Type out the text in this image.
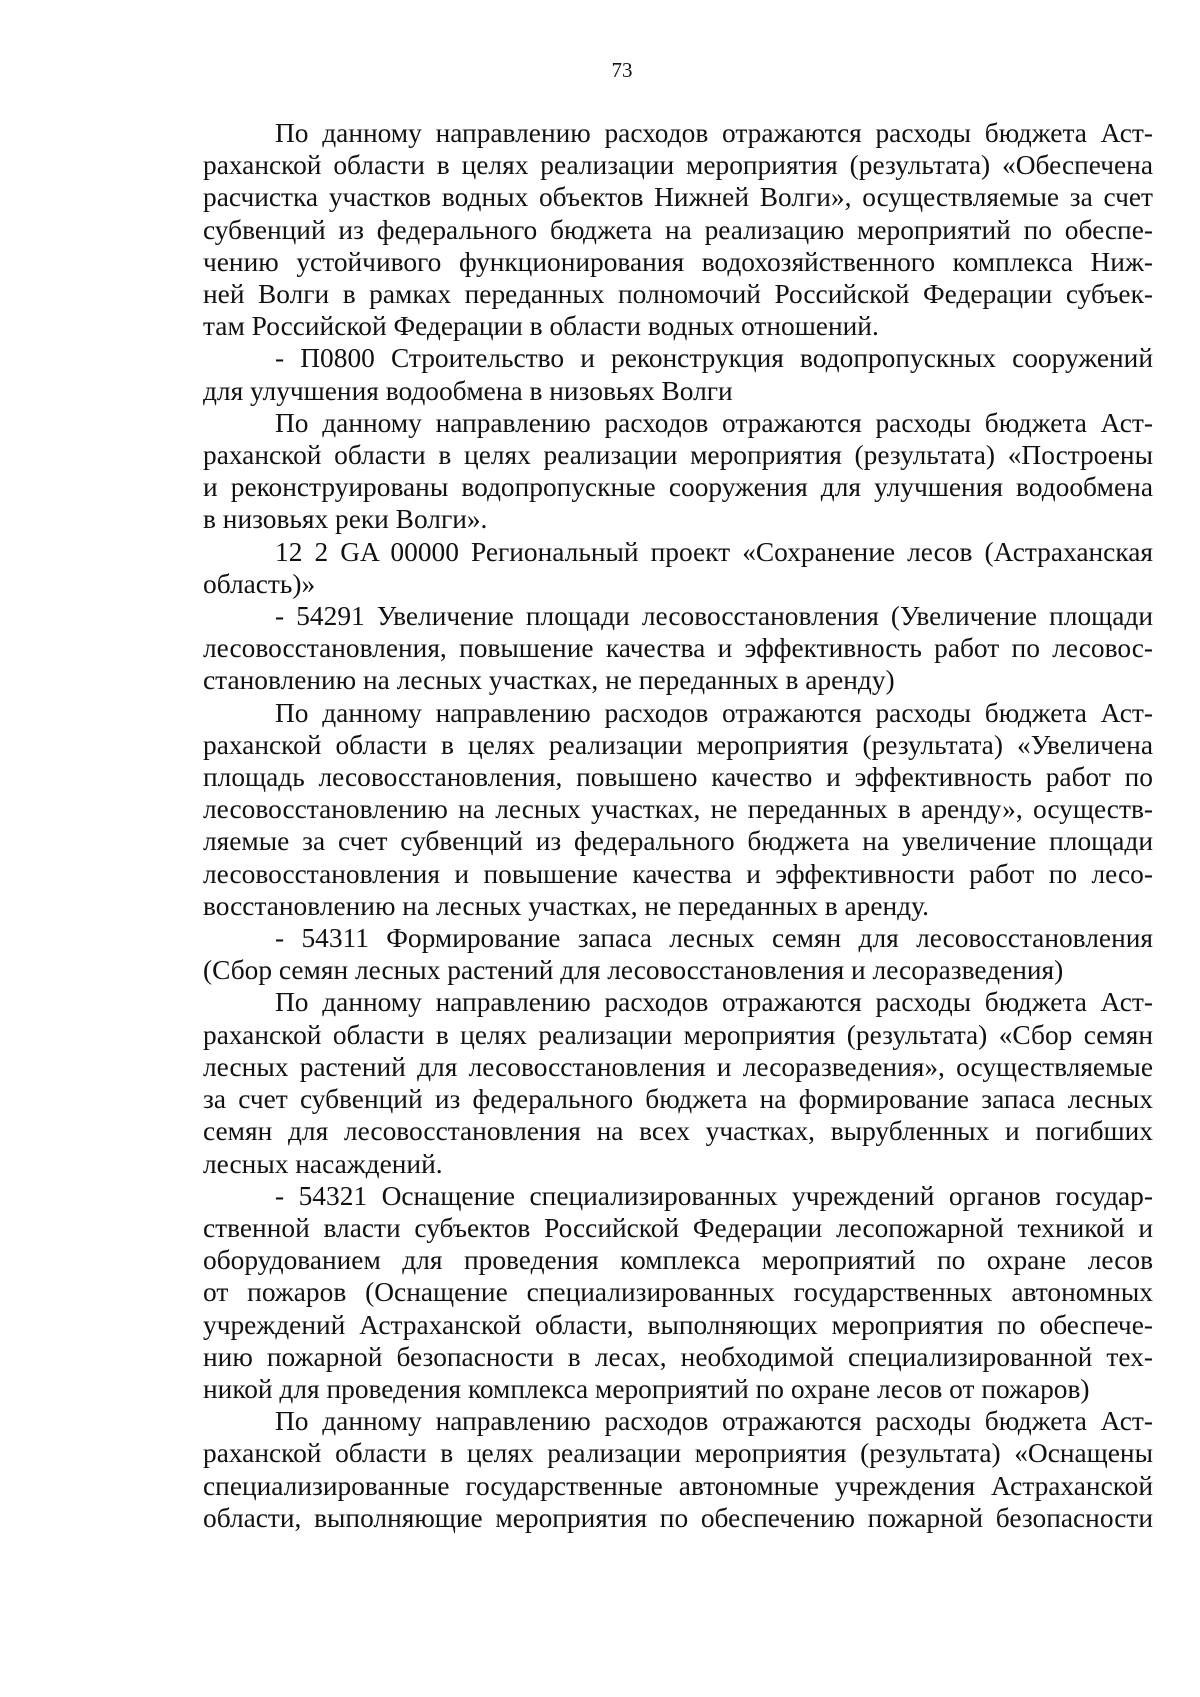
73
По данному направлению расходов отражаются расходы бюджета Аст-
раханской области в целях реализации мероприятия (результата) «Обеспечена
расчистка участков водных объектов Нижней Волги», осуществляемые за счет
субвенций из федерального бюджета на реализацию мероприятий по обеспе-
чению устойчивого функционирования водохозяйственного комплекса Ниж-
ней Волги в рамках переданных полномочий Российской Федерации субъек-
там Российской Федерации в области водных отношений.
- П0800 Строительство и реконструкция водопропускных сооружений
для улучшения водообмена в низовьях Волги
По данному направлению расходов отражаются расходы бюджета Аст-
раханской области в целях реализации мероприятия (результата) «Построены
и реконструированы водопропускные сооружения для улучшения водообмена
в низовьях реки Волги».
12 2 GA 00000 Региональный проект «Сохранение лесов (Астраханская
область)»
- 54291 Увеличение площади лесовосстановления (Увеличение площади
лесовосстановления, повышение качества и эффективность работ по лесовос-
становлению на лесных участках, не переданных в аренду)
По данному направлению расходов отражаются расходы бюджета Аст-
раханской области в целях реализации мероприятия (результата) «Увеличена
площадь лесовосстановления, повышено качество и эффективность работ по
лесовосстановлению на лесных участках, не переданных в аренду», осуществ-
ляемые за счет субвенций из федерального бюджета на увеличение площади
лесовосстановления и повышение качества и эффективности работ по лесо-
восстановлению на лесных участках, не переданных в аренду.
- 54311 Формирование запаса лесных семян для лесовосстановления
(Сбор семян лесных растений для лесовосстановления и лесоразведения)
По данному направлению расходов отражаются расходы бюджета Аст-
раханской области в целях реализации мероприятия (результата) «Сбор семян
лесных растений для лесовосстановления и лесоразведения», осуществляемые
за счет субвенций из федерального бюджета на формирование запаса лесных
семян для лесовосстановления на всех участках, вырубленных и погибших
лесных насаждений.
- 54321 Оснащение специализированных учреждений органов государ-
ственной власти субъектов Российской Федерации лесопожарной техникой и
оборудованием для проведения комплекса мероприятий по охране лесов
от пожаров (Оснащение специализированных государственных автономных
учреждений Астраханской области, выполняющих мероприятия по обеспече-
нию пожарной безопасности в лесах, необходимой специализированной тех-
никой для проведения комплекса мероприятий по охране лесов от пожаров)
По данному направлению расходов отражаются расходы бюджета Аст-
раханской области в целях реализации мероприятия (результата) «Оснащены
специализированные государственные автономные учреждения Астраханской
области, выполняющие мероприятия по обеспечению пожарной безопасности
